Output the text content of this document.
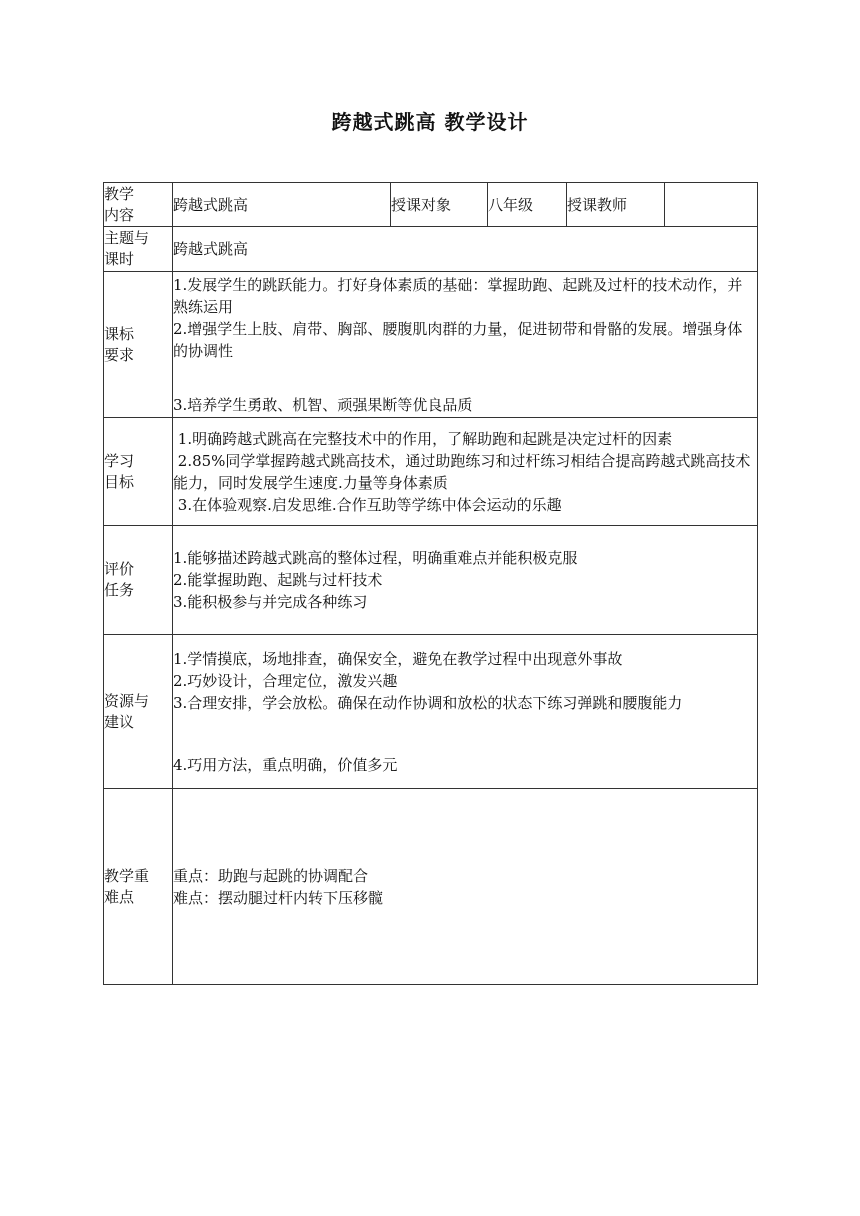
跨越式跳高 教学设计
教学
内容	跨越式跳高	授课对象	八年级	授课教师	
主题与
课时	跨越式跳高				
课标
要求	1.发展学生的跳跃能力。打好身体素质的基础：掌握助跑、起跳及过杆的技术动作，并熟练运用
2.增强学生上肢、肩带、胸部、腰腹肌肉群的力量，促进韧带和骨骼的发展。增强身体的协调性
3.培养学生勇敢、机智、顽强果断等优良品质				

学习
目标	1.明确跨越式跳高在完整技术中的作用，了解助跑和起跳是决定过杆的因素
2.85%同学掌握跨越式跳高技术，通过助跑练习和过杆练习相结合提高跨越式跳高技术能力，同时发展学生速度.力量等身体素质
3.在体验观察.启发思维.合作互助等学练中体会运动的乐趣				

评价
任务	1.能够描述跨越式跳高的整体过程，明确重难点并能积极克服
2.能掌握助跑、起跳与过杆技术
3.能积极参与并完成各种练习				

资源与
建议	1.学情摸底，场地排查，确保安全，避免在教学过程中出现意外事故
2.巧妙设计，合理定位，激发兴趣
3.合理安排，学会放松。确保在动作协调和放松的状态下练习弹跳和腰腹能力
4.巧用方法，重点明确，价值多元				

教学重
难点	重点：助跑与起跳的协调配合
难点：摆动腿过杆内转下压移髋				
